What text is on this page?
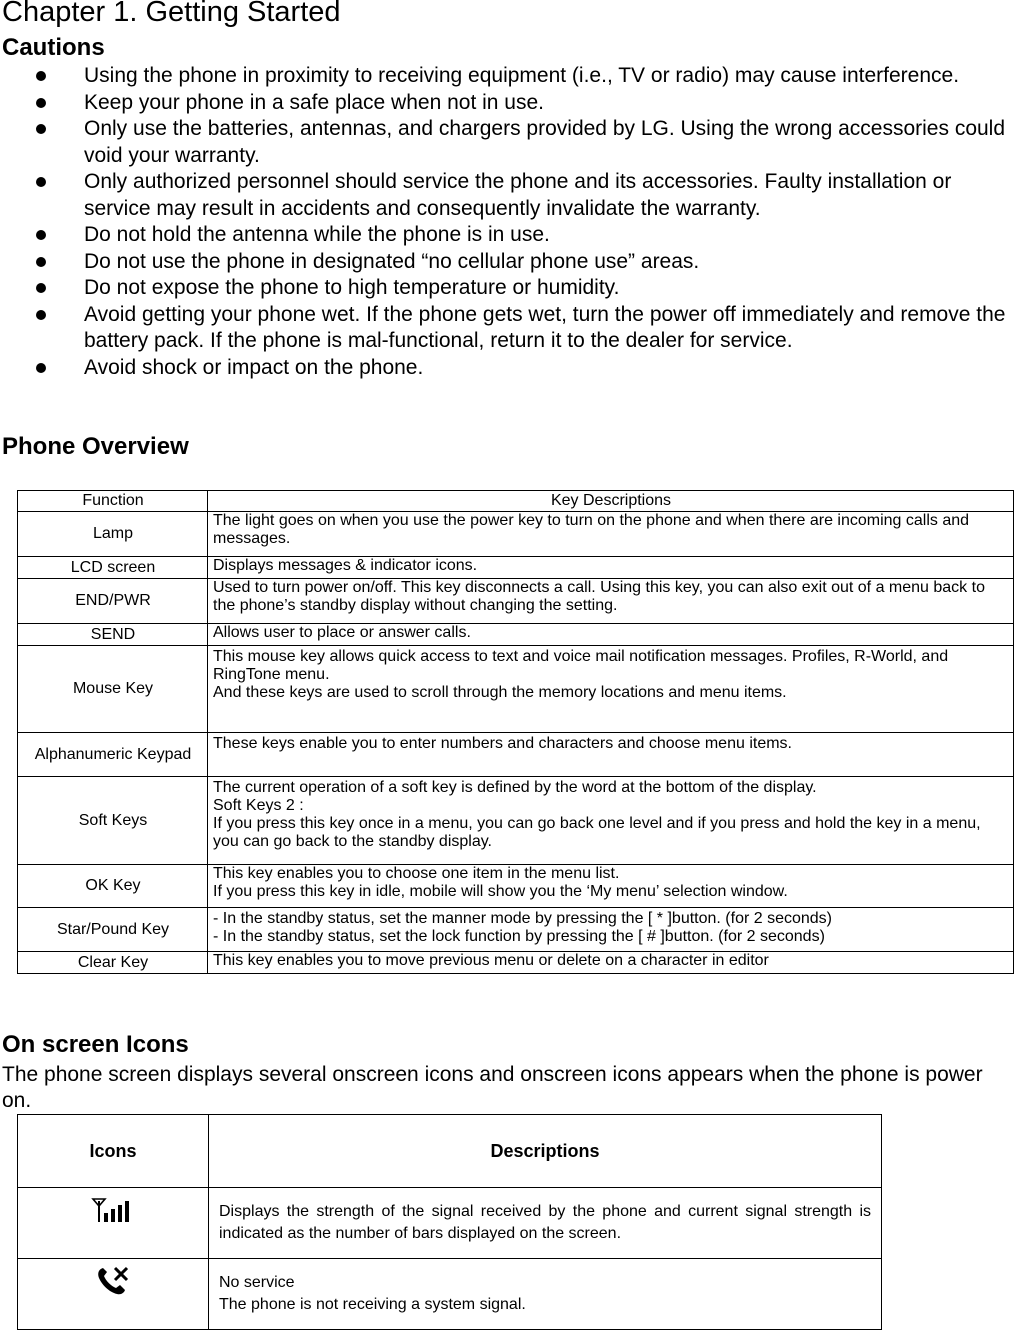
Chapter 1. Getting Started
Cautions
Using the phone in proximity to receiving equipment (i.e., TV or radio) may cause interference.
Keep your phone in a safe place when not in use.
Only use the batteries, antennas, and chargers provided by LG. Using the wrong accessories could void your warranty.
Only authorized personnel should service the phone and its accessories. Faulty installation or service may result in accidents and consequently invalidate the warranty.
Do not hold the antenna while the phone is in use.
Do not use the phone in designated “no cellular phone use” areas.
Do not expose the phone to high temperature or humidity.
Avoid getting your phone wet. If the phone gets wet, turn the power off immediately and remove the battery pack. If the phone is mal-functional, return it to the dealer for service.
Avoid shock or impact on the phone.
Phone Overview
Function	Key Descriptions
Lamp	The light goes on when you use the power key to turn on the phone and when there are incoming calls and messages.

LCD screen	Displays messages & indicator icons.

END/PWR	Used to turn power on/off. This key disconnects a call. Using this key, you can also exit out of a menu back to the phone’s standby display without changing the setting.

SEND	Allows user to place or answer calls.

Mouse Key	This mouse key allows quick access to text and voice mail notification messages. Profiles, R-World, and RingTone menu.
And these keys are used to scroll through the memory locations and menu items.

Alphanumeric Keypad	These keys enable you to enter numbers and characters and choose menu items.

Soft Keys	The current operation of a soft key is defined by the word at the bottom of the display.
Soft Keys 2 :
If you press this key once in a menu, you can go back one level and if you press and hold the key in a menu, you can go back to the standby display.

OK Key	This key enables you to choose one item in the menu list.
If you press this key in idle, mobile will show you the ‘My menu’ selection window.

Star/Pound Key	- In the standby status, set the manner mode by pressing the [ * ]button. (for 2 seconds)
- In the standby status, set the lock function by pressing the [ # ]button. (for 2 seconds)

Clear Key	This key enables you to move previous menu or delete on a character in editor
On screen Icons
The phone screen displays several onscreen icons and onscreen icons appears when the phone is power on.
Icons	Descriptions

Displays the strength of the signal received by the phone and current signal strength is indicated as the number of bars displayed on the screen.

No service
The phone is not receiving a system signal.
